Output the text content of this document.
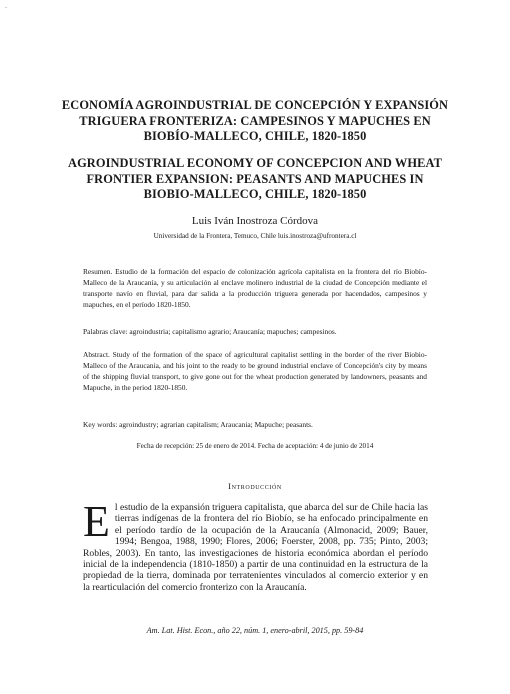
-
ECONOMÍA AGROINDUSTRIAL DE CONCEPCIÓN Y EXPANSIÓN TRIGUERA FRONTERIZA: CAMPESINOS Y MAPUCHES EN BIOBÍO-MALLECO, CHILE, 1820-1850
AGROINDUSTRIAL ECONOMY OF CONCEPCION AND WHEAT FRONTIER EXPANSION: PEASANTS AND MAPUCHES IN BIOBIO-MALLECO, CHILE, 1820-1850
Luis Iván Inostroza Córdova
Universidad de la Frontera, Temuco, Chile luis.inostroza@ufrontera.cl
Resumen. Estudio de la formación del espacio de colonización agrícola capitalista en la frontera del río Biobío-Malleco de la Araucanía, y su articulación al enclave molinero industrial de la ciudad de Concepción mediante el transporte navío en fluvial, para dar salida a la producción triguera generada por hacendados, campesinos y mapuches, en el período 1820-1850.
Palabras clave: agroindustria; capitalismo agrario; Araucanía; mapuches; campesinos.
Abstract. Study of the formation of the space of agricultural capitalist settling in the border of the river Biobio-Malleco of the Araucania, and his joint to the ready to be ground industrial enclave of Concepción's city by means of the shipping fluvial transport, to give gone out for the wheat production generated by landowners, peasants and Mapuche, in the period 1820-1850.
Key words: agroindustry; agrarian capitalism; Araucania; Mapuche; peasants.
Fecha de recepción: 25 de enero de 2014. Fecha de aceptación: 4 de junio de 2014
Introducción
El estudio de la expansión triguera capitalista, que abarca del sur de Chile hacia las tierras indígenas de la frontera del río Biobío, se ha enfocado principalmente en el período tardío de la ocupación de la Araucanía (Almonacid, 2009; Bauer, 1994; Bengoa, 1988, 1990; Flores, 2006; Foerster, 2008, pp. 735; Pinto, 2003; Robles, 2003). En tanto, las investigaciones de historia económica abordan el período inicial de la independencia (1810-1850) a partir de una continuidad en la estructura de la propiedad de la tierra, dominada por terratenientes vinculados al comercio exterior y en la rearticulación del comercio fronterizo con la Araucanía.
Am. Lat. Hist. Econ., año 22, núm. 1, enero-abril, 2015, pp. 59-84
